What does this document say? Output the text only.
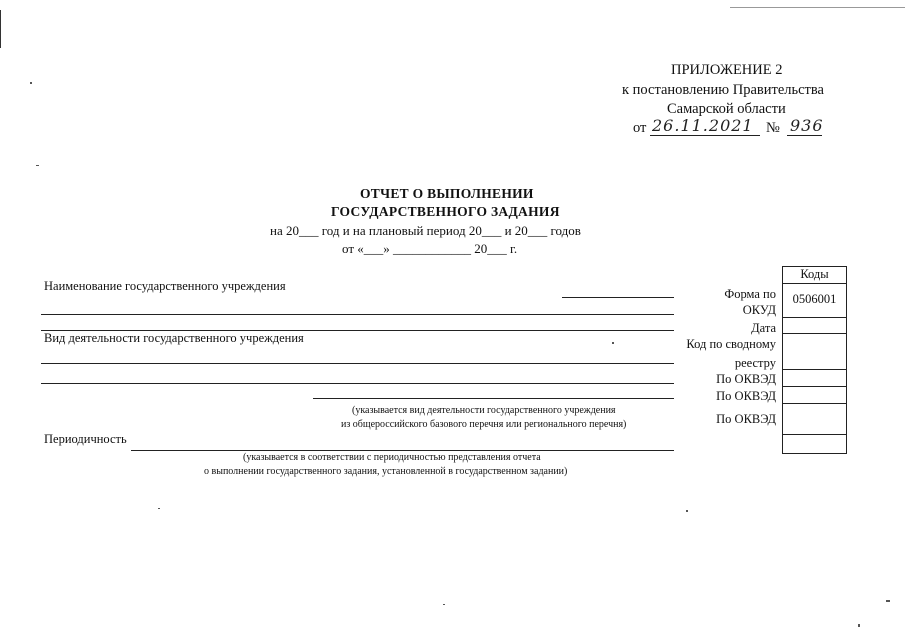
ПРИЛОЖЕНИЕ 2
к постановлению Правительства
Самарской области
от 26.11.2021 № 936
ОТЧЕТ О ВЫПОЛНЕНИИ
ГОСУДАРСТВЕННОГО ЗАДАНИЯ
на 20___ год и на плановый период 20___ и 20___ годов
от «___» ____________ 20___ г.
Наименование государственного учреждения
Вид деятельности государственного учреждения
(указывается вид деятельности государственного учреждения
из общероссийского базового перечня или регионального перечня)
Периодичность
(указывается в соответствии с периодичностью представления отчета
о выполнении государственного задания, установленной в государственном задании)
Форма по
ОКУД
Дата
Код по сводному
реестру
По ОКВЭД
По ОКВЭД
По ОКВЭД
Коды
0506001
